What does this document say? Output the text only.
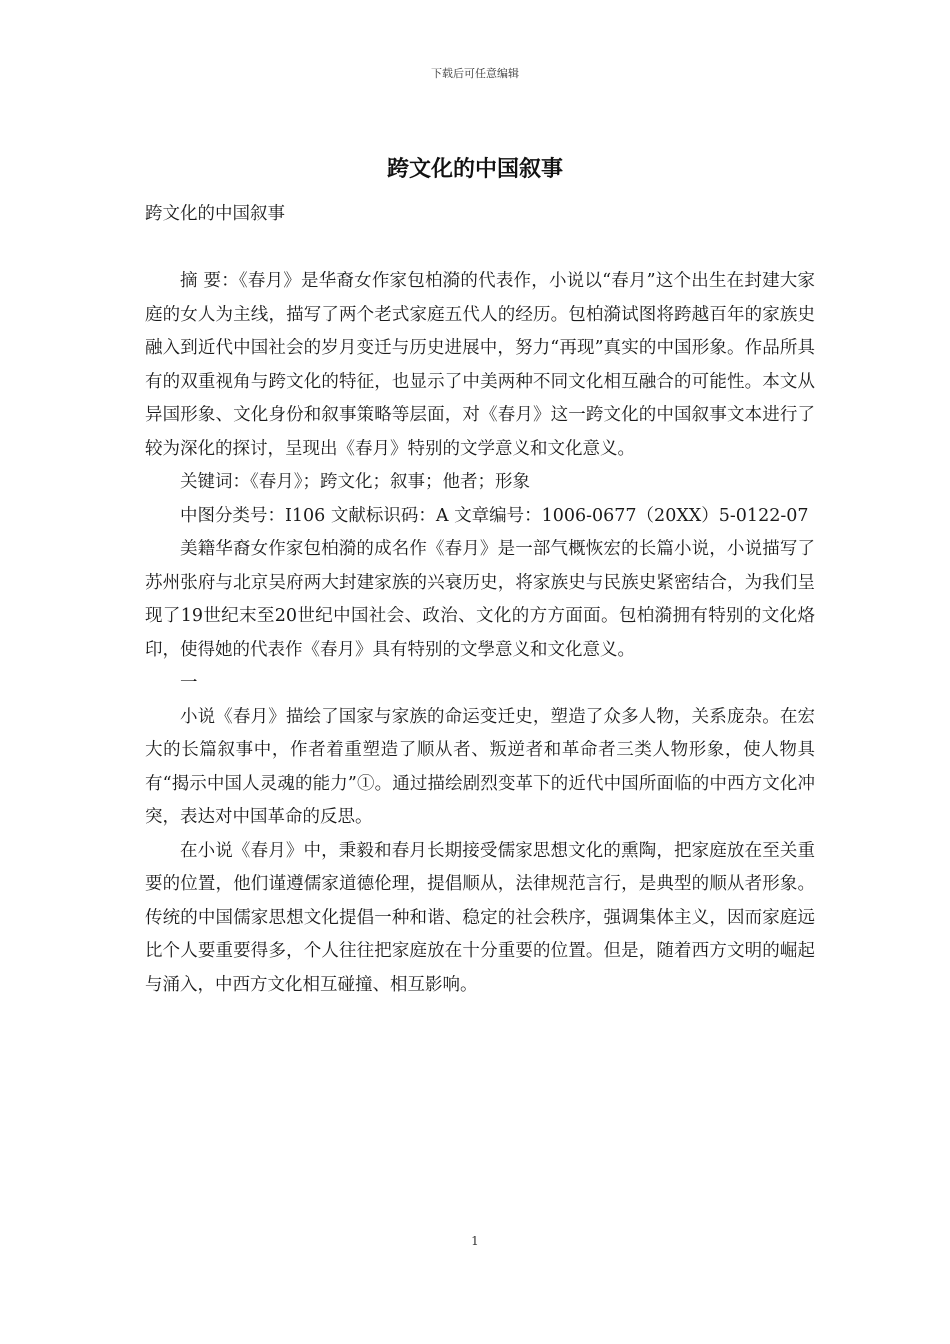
下载后可任意编辑
跨文化的中国叙事

跨文化的中国叙事

摘 要：《春月》是华裔女作家包柏漪的代表作，小说以“春月”这个出生在封建大家庭的女人为主线，描写了两个老式家庭五代人的经历。包柏漪试图将跨越百年的家族史融入到近代中国社会的岁月变迁与历史进展中，努力“再现”真实的中国形象。作品所具有的双重视角与跨文化的特征，也显示了中美两种不同文化相互融合的可能性。本文从异国形象、文化身份和叙事策略等层面，对《春月》这一跨文化的中国叙事文本进行了较为深化的探讨，呈现出《春月》特别的文学意义和文化意义。

关键词：《春月》；跨文化；叙事；他者；形象

中图分类号：I106 文献标识码：A 文章编号：1006-0677（20XX）5-0122-07

美籍华裔女作家包柏漪的成名作《春月》是一部气概恢宏的长篇小说，小说描写了苏州张府与北京吴府两大封建家族的兴衰历史，将家族史与民族史紧密结合，为我们呈现了19世纪末至20世纪中国社会、政治、文化的方方面面。包柏漪拥有特别的文化烙印，使得她的代表作《春月》具有特别的文學意义和文化意义。

一

小说《春月》描绘了国家与家族的命运变迁史，塑造了众多人物，关系庞杂。在宏大的长篇叙事中，作者着重塑造了顺从者、叛逆者和革命者三类人物形象，使人物具有“揭示中国人灵魂的能力”①。通过描绘剧烈变革下的近代中国所面临的中西方文化冲突，表达对中国革命的反思。

在小说《春月》中，秉毅和春月长期接受儒家思想文化的熏陶，把家庭放在至关重要的位置，他们谨遵儒家道德伦理，提倡顺从，法律规范言行，是典型的顺从者形象。传统的中国儒家思想文化提倡一种和谐、稳定的社会秩序，强调集体主义，因而家庭远比个人要重要得多，个人往往把家庭放在十分重要的位置。但是，随着西方文明的崛起与涌入，中西方文化相互碰撞、相互影响。

1
